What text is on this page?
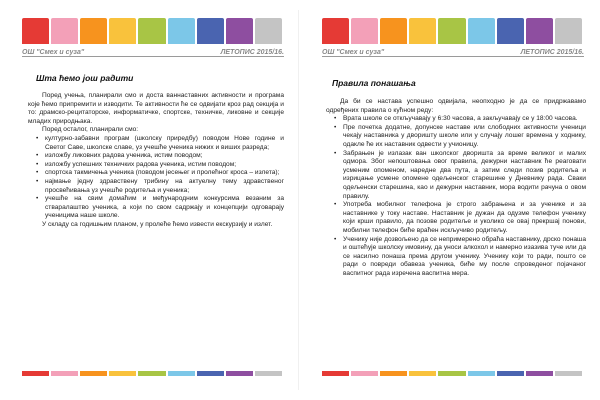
ОШ "Смех и суза"	ЛЕТОПИС 2015/16.
Шта ћемо још радити

Поред учења, планирали смо и доста ваннаставних активности и програма које ћемо припремити и изводити. Те активности ће се одвијати кроз рад секција и то: драмско-рецитаторске, информатичке, спортске, техничке, ликовне и секције младих природњака.

Поред осталог, планирали смо:

• културно-забавни програм (школску приредбу) поводом Нове године и Светог Саве, школске славе, уз учешће ученика нижих и виших разреда;
• изложбу ликовних радова ученика, истим поводом;
• изложбу успешних техничких радова ученика, истим поводом;
• спортска такмичења ученика (поводом јесењег и пролећног кроса – излета);
• најмање једну здравствену трибину на актуелну тему здравственог просвећивања уз учешће родитеља и ученика;
• учешће на свим домаћим и међународним конкурсима везаним за стваралаштво ученика, а који по свом садржају и концепцији одговарају ученицима наше школе.

У складу са годишњим планом, у пролеће ћемо извести екскурзију и излет.

ОШ "Смех и суза"	ЛЕТОПИС 2015/16.
Правила понашања

Да би се настава успешно одвијала, неопходно је да се придржавамо одређених правила о кућном реду:

• Врата школе се откључавају у 6:30 часова, а закључавају се у 18:00 часова.
• Пре почетка додатне, допунске наставе или слободних активности ученици чекају наставника у дворишту школе или у случају лошег времена у ходнику, одакле ће их наставник одвести у учионицу.
• Забрањен је излазак ван школског дворишта за време великог и малих одмора. Због непоштовања овог правила, дежурни наставник ће реаговати усменим опоменом, наредне два пута, а затим следи позив родитеља и изрицање усмене опомене одељенског старешине у Дневнику рада. Сваки одељенски старешина, као и дежурни наставник, мора водити рачуна о овом правилу.
• Употреба мобилног телефона је строго забрањена и за ученике и за наставнике у току наставе. Наставник је дужан да одузме телефон ученику који крши правило, да позове родитеље и уколико се овај прекршај понови, мобилни телефон биће враћен искључиво родитељу.
• Ученику није дозвољено да се непримерено обраћа наставнику, дрско понаша и оштећује школску имовину, да уноси алкохол и намерно изазива туче или да се насилно понаша према другом ученику. Ученику који то ради, поштo се ради о повреди обавеза ученика, биће му после спроведеног појачаног васпитног рада изречена васпитна мера.
